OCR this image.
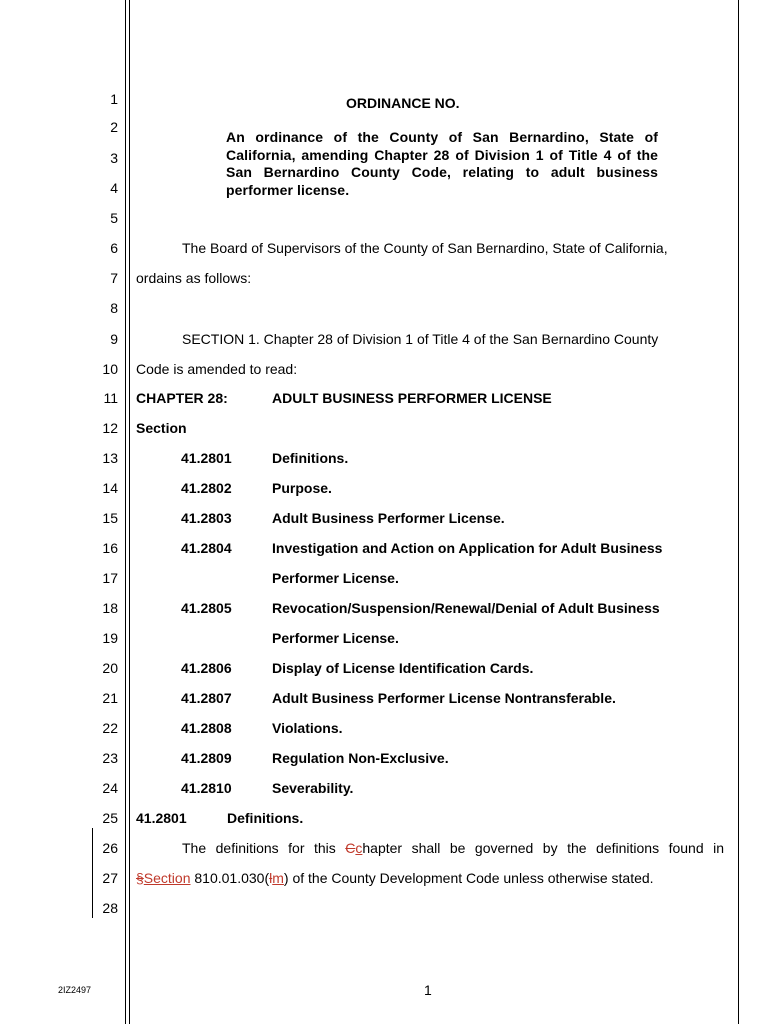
1
2
3
4
5
6
7
8
9
10
11
12
13
14
15
16
17
18
19
20
21
22
23
24
25
26
27
28
ORDINANCE NO.
An ordinance of the County of San Bernardino, State of California, amending Chapter 28 of Division 1 of Title 4 of the San Bernardino County Code, relating to adult business performer license.
The Board of Supervisors of the County of San Bernardino, State of California,
ordains as follows:
SECTION 1. Chapter 28 of Division 1 of Title 4 of the San Bernardino County
Code is amended to read:
CHAPTER 28:	ADULT BUSINESS PERFORMER LICENSE
Section
41.2801	Definitions.
41.2802	Purpose.
41.2803	Adult Business Performer License.
41.2804	Investigation and Action on Application for Adult Business
Performer License.
41.2805	Revocation/Suspension/Renewal/Denial of Adult Business
Performer License.
41.2806	Display of License Identification Cards.
41.2807	Adult Business Performer License Nontransferable.
41.2808	Violations.
41.2809	Regulation Non-Exclusive.
41.2810	Severability.
41.2801	Definitions.
The definitions for this Cchapter shall be governed by the definitions found in
§Section 810.01.030(lm) of the County Development Code unless otherwise stated.
2IZ2497	1
